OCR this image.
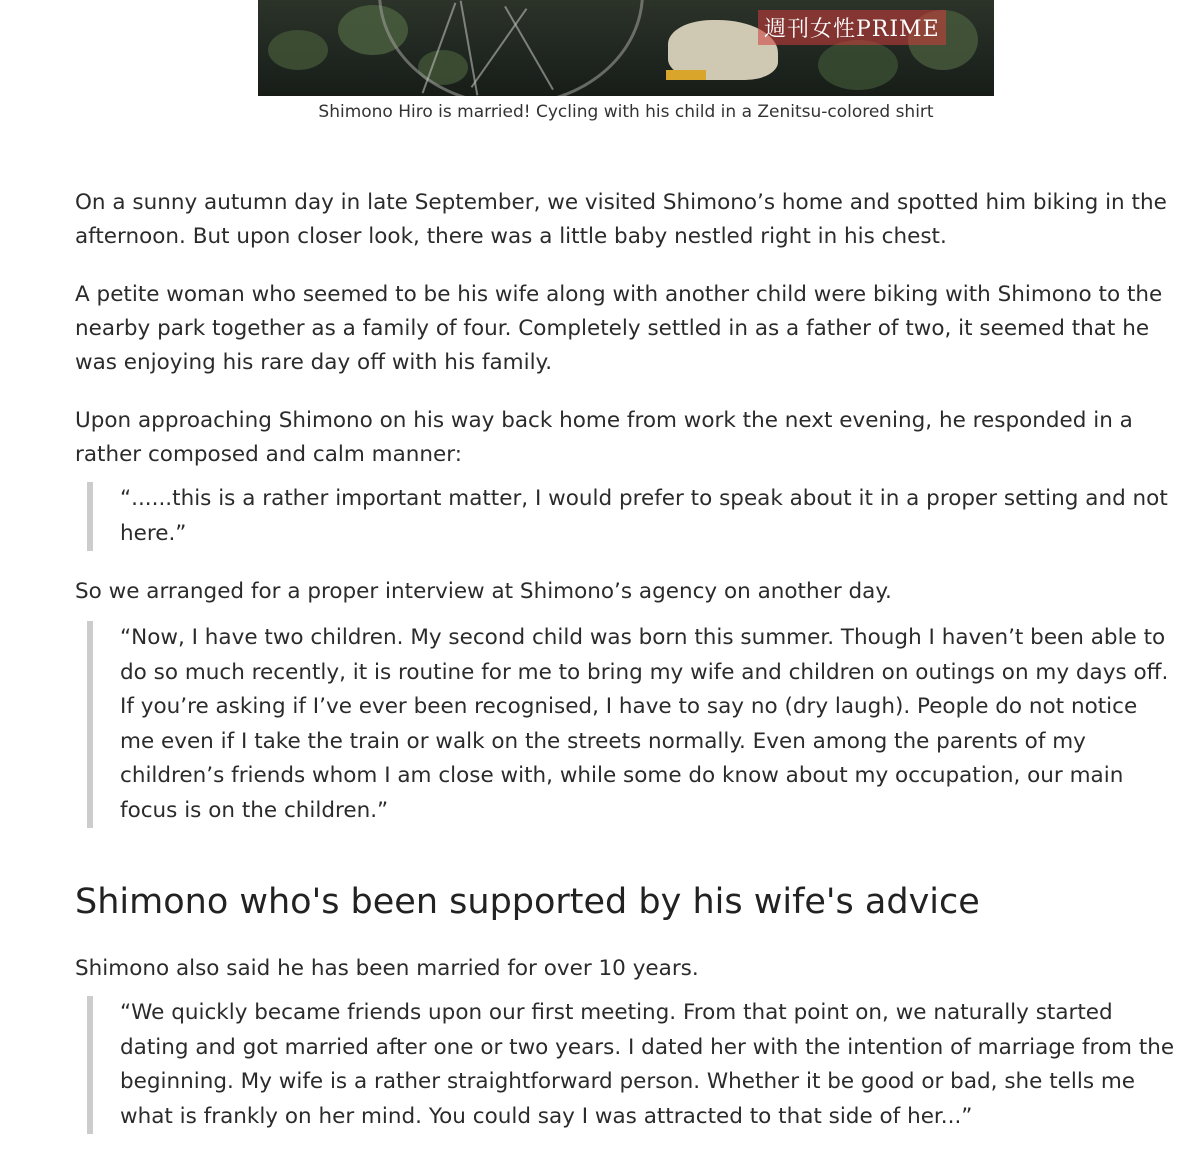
週刊女性PRIME
Shimono Hiro is married! Cycling with his child in a Zenitsu-colored shirt

On a sunny autumn day in late September, we visited Shimono’s home and spotted him biking in the afternoon. But upon closer look, there was a little baby nestled right in his chest.

A petite woman who seemed to be his wife along with another child were biking with Shimono to the nearby park together as a family of four. Completely settled in as a father of two, it seemed that he was enjoying his rare day off with his family.

Upon approaching Shimono on his way back home from work the next evening, he responded in a rather composed and calm manner:

“......this is a rather important matter, I would prefer to speak about it in a proper setting and not here.”

So we arranged for a proper interview at Shimono’s agency on another day.

“Now, I have two children. My second child was born this summer. Though I haven’t been able to do so much recently, it is routine for me to bring my wife and children on outings on my days off. If you’re asking if I’ve ever been recognised, I have to say no (dry laugh). People do not notice me even if I take the train or walk on the streets normally. Even among the parents of my children’s friends whom I am close with, while some do know about my occupation, our main focus is on the children.”
Shimono who's been supported by his wife's advice

Shimono also said he has been married for over 10 years.

“We quickly became friends upon our first meeting. From that point on, we naturally started dating and got married after one or two years. I dated her with the intention of marriage from the beginning. My wife is a rather straightforward person. Whether it be good or bad, she tells me what is frankly on her mind. You could say I was attracted to that side of her...”
